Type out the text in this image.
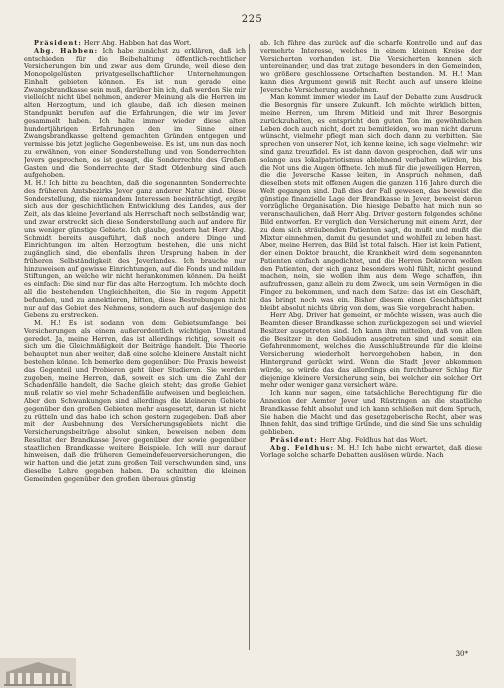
225

Präsident: Herr Abg. Habben hat das Wort.

Abg. Habben: Ich habe zunächst zu erklären, daß ich entschieden für die Beibehaltung öffentlich-rechtlicher Versicherungen bin und zwar aus dem Grunde, weil diese den Monopolgelüsten privatgesellschaftlicher Unternehmungen Einhalt gebieten können. Es ist nun gerade eine Zwangsbrandkasse sein muß, darüber bin ich, daß werden Sie mir vielleicht nicht übel nehmen, anderer Meinung als die Herren im alten Herzogtum, und ich glaube, daß ich diesen meinen Standpunkt berufen auf die Erfahrungen, die wir im Jever gesammelt haben. Ich halte immer wieder diese alten hundertjährigen Erfahrungen den im Sinne einer Zwangsbrandkasse geltend gemachten Gründen entgegen und vermisse bis jetzt jegliche Gegenbeweise. Es ist, um nun das noch zu erwähnen, von einer Sonderstellung und von Sonderrechten Jevers gesprochen, es ist gesagt, die Sonderrechte des Großen Gasten und die Sonderrechte der Stadt Oldenburg sind auch aufgehoben.

M. H.! Ich bitte zu beachten, daß die sogenannten Sonderrechte des früheren Amtsbezirks Jever ganz anderer Natur sind. Diese Sonderstellung, die niemandem Interessen beeinträchtigt, ergibt sich aus der geschichtlichen Entwicklung des Landes, aus der Zeit, als das kleine Jeverland als Herrschaft noch selbständig war, und zwar erstreckt sich diese Sonderstellung auch auf andere für uns weniger günstige Gebiete. Ich glaube, gestern hat Herr Abg. Schmidt bereits ausgeführt, daß noch andere Dinge und Einrichtungen im alten Herzogtum bestehen, die uns nicht zugänglich sind, die ebenfalls ihren Ursprung haben in der früheren Selbständigkeit des Jeverlandes. Ich brauche nur hinzuweisen auf gewisse Einrichtungen, auf die Fonds und milden Stiftungen, an welche wir nicht herankommen können. Da heißt es einfach: Die sind nur für das alte Herzogtum. Ich möchte doch all die bestehenden Ungleichheiten, die Sie in regem Appetit befunden, und zu annektieren, bitten, diese Bestrebungen nicht nur auf das Gebiet des Nehmens, sondern auch auf dasjenige des Gebens zu erstrecken.

M. H.! Es ist sodann von dem Gebietsumfange bei Versicherungen als einem außerordentlich wichtigen Umstand geredet. Ja, meine Herren, das ist allerdings richtig, soweit es sich um die Gleichmäßigkeit der Beiträge handelt. Die Theorie behauptet nun aber weiter, daß eine solche kleinere Anstalt nicht bestehen könne. Ich bemerke dem gegenüber: Die Praxis beweist das Gegenteil und Probieren geht über Studieren. Sie werden zugeben, meine Herren, daß, soweit es sich um die Zahl der Schadenfälle handelt, die Sache gleich steht; das große Gebiet muß relativ so viel mehr Schadenfälle aufweisen und begleichen. Aber den Schwankungen sind allerdings die kleineren Gebiete gegenüber den großen Gebieten mehr ausgesetzt, daran ist nicht zu rütteln und das habe ich schon gestern zugegeben. Daß aber mit der Ausbehnung des Versicherungsgebiets nicht die Versicherungsbeiträge absolut sinken, beweisen neben dem Resultat der Brandkasse Jever gegenüber der sowie gegenüber staatlichen Brandkasse weitere Beispiele. Ich will nur darauf hinweisen, daß die früheren Gemeindefeuerversicherungen, die wir hatten und die jetzt zum großen Teil verschwunden sind, uns dieselbe Lehre gegeben haben. Da schnitten die kleinen Gemeinden gegenüber den großen überaus günstig

ab. Ich führe das zurück auf die scharfe Kontrolle und auf das vermehrte Interesse, welches in einem kleinen Kreise der Versicherten vorhanden ist. Die Versicherten kennen sich untereinander, und das trat zutage besonders in den Gemeinden, wo größere geschlossene Ortschaften bestanden. M. H.! Man kann dies Argument gewiß mit Recht auch auf unsere kleine Jeversche Versicherung ausdehnen.

Man kommt immer wieder im Lauf der Debatte zum Ausdruck die Besorgnis für unsere Zukunft. Ich möchte wirklich bitten, meine Herren, um Ihrem Mitleid und mit Ihrer Besorgnis zurückzuhalten, es entspricht den guten Ton im gewöhnlichen Leben doch auch nicht, dort zu bemitleiden, wo man nicht darum wünscht, vielmehr pflegt man sich doch dann zu verbitten. Sie sprechen von unserer Not, ich kenne keine, ich sage vielmehr: wir sind ganz treuzfidel. Es ist dann davon gesprochen, daß wir uns solange aus lokalpatriotismus ablehnend verhalten würden, bis die Not uns die Augen öffnete. Ich muß für die jeweiligen Herren, die die Jeversche Kasse leiten, in Anspruch nehmen, daß dieselben stets mit offenen Augen die ganzen 116 Jahre durch die Welt gegangen sind. Daß dies der Fall gewesen, das beweist die günstige finanzielle Lage der Brandkasse in Jever, beweist deren vorzügliche Organisation. Die hiesige Debatte hat mich nun so veranschaulichen, daß Herr Abg. Driver gestern folgendes schöne Bild entworfen. Er verglich den Versicherung mit einem Arzt, der zu dem sich sträubenden Patienten sagt, du mußt und mußt die Mixtur einnehmen, damit du gesundet und wohlfeil zu leben hast. Aber, meine Herren, das Bild ist total falsch. Hier ist kein Patient, der einen Doktor braucht, die Krankheit wird dem sogenannten Patienten einfach angedichtet, und die Herren Doktoren wollen den Patienten, der sich ganz besonders wohl fühlt, nicht gesund machen, nein, sie wollen ihm aus dem Wege schaffen, ihn aufzufressen, ganz allein zu dem Zweck, um sein Vermögen in die Finger zu bekommen, und nach dem Satze: das ist ein Geschäft, das bringt noch was ein. Bisher diesem einen Geschäftspunkt bleibt absolut nichts übrig von dem, was Sie vorgebracht haben.

Herr Abg. Driver hat gemeint, er möchte wissen, was auch die Beamten dieser Brandkasse schon zurückgezogen sei und wieviel Besitzer ausgetreten sind. Ich kann ihm mitteilen, daß von allen die Besitzer in den Gebäuden ausgetreten sind und somit ein Gefahrenmoment, welches die Ausschlußtreunde für die kleine Versicherung wiederholt hervorgehoben haben, in den Hintergrund gerückt wird. Wenn die Stadt Jever abkommen würde, so würde das das allerdings ein furchtbarer Schlag für diejenige kleinere Versicherung sein, bei welcher ein solcher Ort mehr oder weniger ganz versichert wäre.

Ich kann nur sagen, eine tatsächliche Berechtigung für die Annexion der Aemter Jever und Rüstringen an die staatliche Brandkasse fehlt absolut und ich kann schließen mit dem Spruch, Sie haben die Macht und das gesetzgeberische Recht, aber was Ihnen fehlt, das sind triftige Gründe, und die sind Sie uns schuldig geblieben.

Präsident: Herr Abg. Feldhus hat das Wort.

Abg. Feldhus: M. H.! Ich habe nicht erwartet, daß diese Vorlage solche scharfe Debatten auslösen würde. Nach

30*
